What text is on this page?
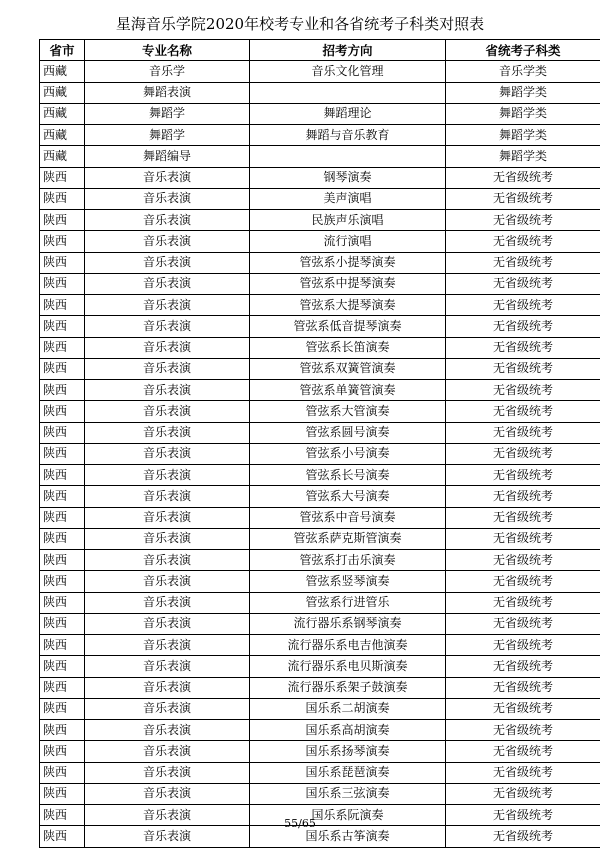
星海音乐学院2020年校考专业和各省统考子科类对照表
省市	专业名称	招考方向	省统考子科类
西藏	音乐学	音乐文化管理	音乐学类
西藏	舞蹈表演		舞蹈学类
西藏	舞蹈学	舞蹈理论	舞蹈学类
西藏	舞蹈学	舞蹈与音乐教育	舞蹈学类
西藏	舞蹈编导		舞蹈学类
陕西	音乐表演	钢琴演奏	无省级统考
陕西	音乐表演	美声演唱	无省级统考
陕西	音乐表演	民族声乐演唱	无省级统考
陕西	音乐表演	流行演唱	无省级统考
陕西	音乐表演	管弦系小提琴演奏	无省级统考
陕西	音乐表演	管弦系中提琴演奏	无省级统考
陕西	音乐表演	管弦系大提琴演奏	无省级统考
陕西	音乐表演	管弦系低音提琴演奏	无省级统考
陕西	音乐表演	管弦系长笛演奏	无省级统考
陕西	音乐表演	管弦系双簧管演奏	无省级统考
陕西	音乐表演	管弦系单簧管演奏	无省级统考
陕西	音乐表演	管弦系大管演奏	无省级统考
陕西	音乐表演	管弦系圆号演奏	无省级统考
陕西	音乐表演	管弦系小号演奏	无省级统考
陕西	音乐表演	管弦系长号演奏	无省级统考
陕西	音乐表演	管弦系大号演奏	无省级统考
陕西	音乐表演	管弦系中音号演奏	无省级统考
陕西	音乐表演	管弦系萨克斯管演奏	无省级统考
陕西	音乐表演	管弦系打击乐演奏	无省级统考
陕西	音乐表演	管弦系竖琴演奏	无省级统考
陕西	音乐表演	管弦系行进管乐	无省级统考
陕西	音乐表演	流行器乐系钢琴演奏	无省级统考
陕西	音乐表演	流行器乐系电吉他演奏	无省级统考
陕西	音乐表演	流行器乐系电贝斯演奏	无省级统考
陕西	音乐表演	流行器乐系架子鼓演奏	无省级统考
陕西	音乐表演	国乐系二胡演奏	无省级统考
陕西	音乐表演	国乐系高胡演奏	无省级统考
陕西	音乐表演	国乐系扬琴演奏	无省级统考
陕西	音乐表演	国乐系琵琶演奏	无省级统考
陕西	音乐表演	国乐系三弦演奏	无省级统考
陕西	音乐表演	国乐系阮演奏	无省级统考
陕西	音乐表演	国乐系古筝演奏	无省级统考
55/65
